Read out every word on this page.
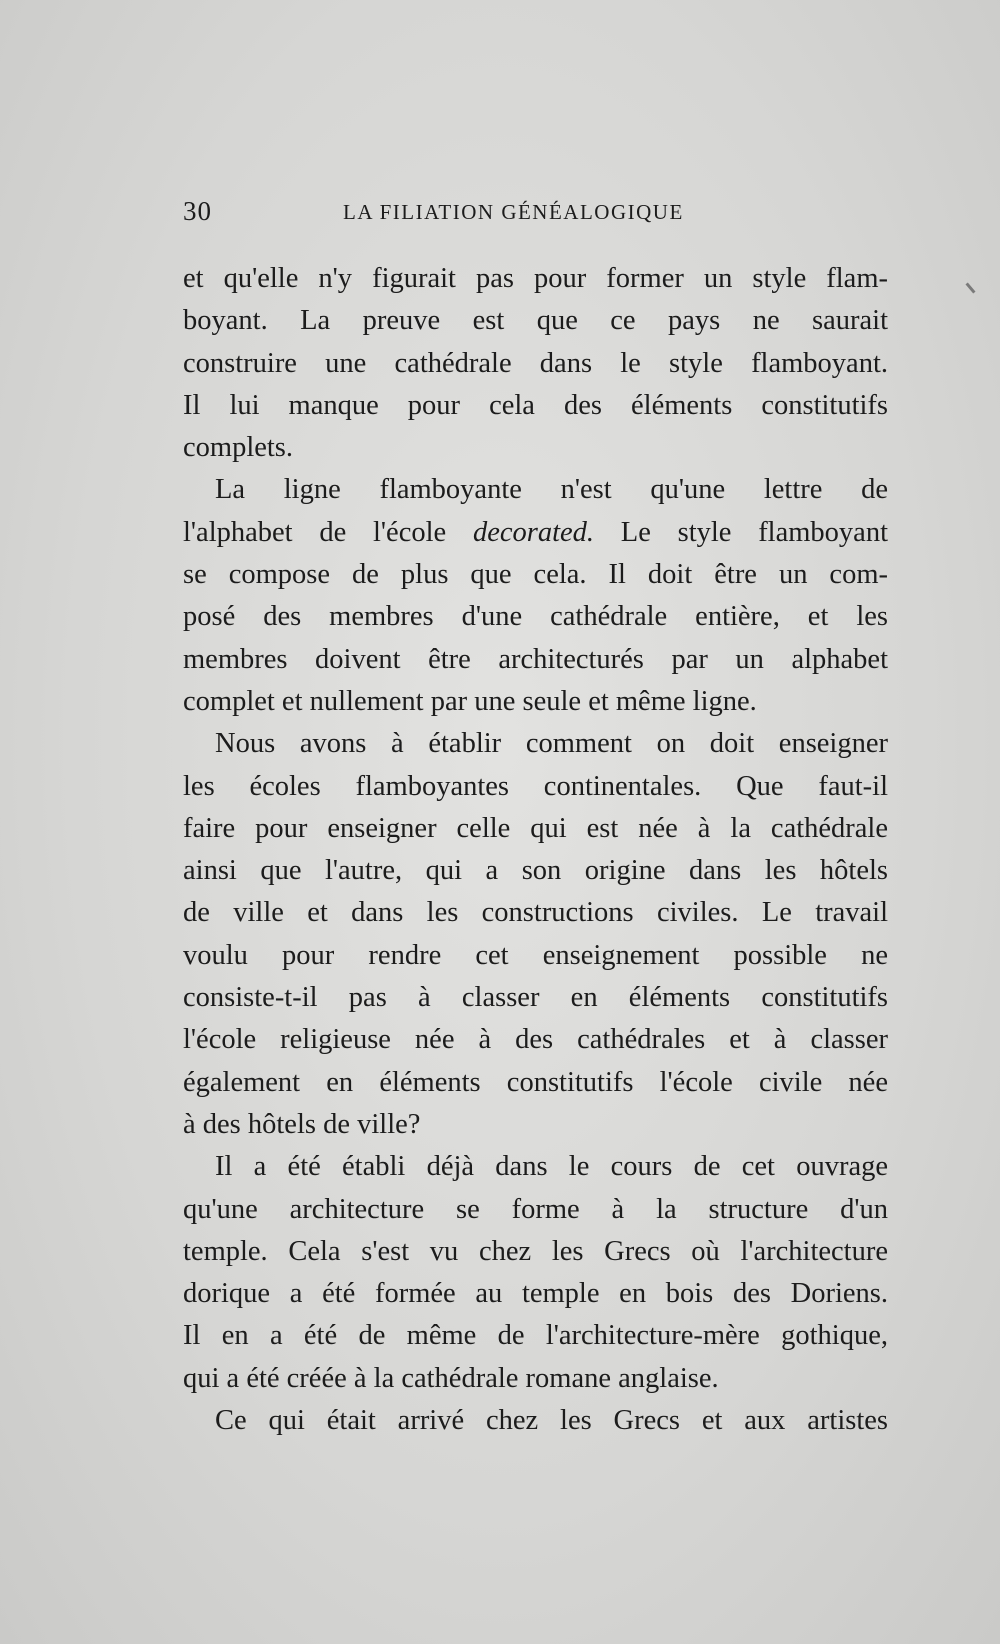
30	LA FILIATION GÉNÉALOGIQUE
et qu'elle n'y figurait pas pour former un style flam-
boyant. La preuve est que ce pays ne saurait
construire une cathédrale dans le style flamboyant.
Il lui manque pour cela des éléments constitutifs
complets.
La ligne flamboyante n'est qu'une lettre de
l'alphabet de l'école decorated. Le style flamboyant
se compose de plus que cela. Il doit être un com-
posé des membres d'une cathédrale entière, et les
membres doivent être architecturés par un alphabet
complet et nullement par une seule et même ligne.
Nous avons à établir comment on doit enseigner
les écoles flamboyantes continentales. Que faut-il
faire pour enseigner celle qui est née à la cathédrale
ainsi que l'autre, qui a son origine dans les hôtels
de ville et dans les constructions civiles. Le travail
voulu pour rendre cet enseignement possible ne
consiste-t-il pas à classer en éléments constitutifs
l'école religieuse née à des cathédrales et à classer
également en éléments constitutifs l'école civile née
à des hôtels de ville?
Il a été établi déjà dans le cours de cet ouvrage
qu'une architecture se forme à la structure d'un
temple. Cela s'est vu chez les Grecs où l'architecture
dorique a été formée au temple en bois des Doriens.
Il en a été de même de l'architecture-mère gothique,
qui a été créée à la cathédrale romane anglaise.
Ce qui était arrivé chez les Grecs et aux artistes
